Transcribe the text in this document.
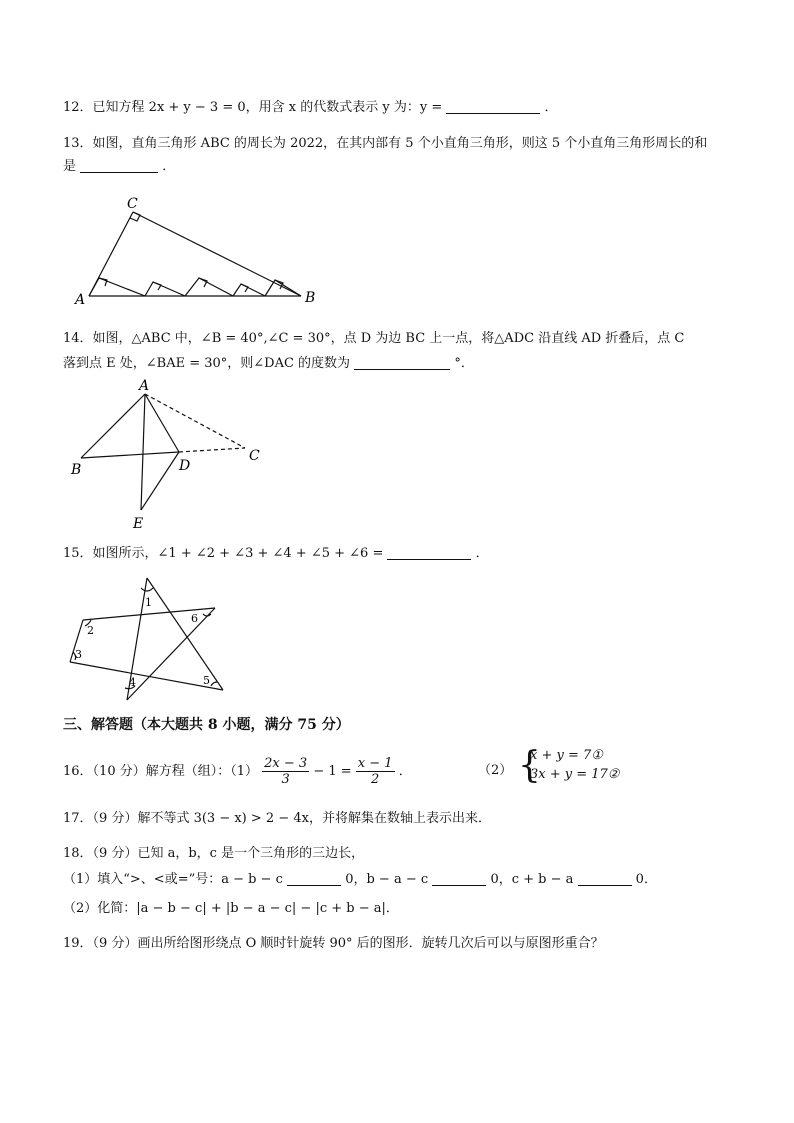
12．已知方程 2x + y − 3 = 0，用含 x 的代数式表示 y 为：y =	．
13．如图，直角三角形 ABC 的周长为 2022，在其内部有 5 个小直角三角形，则这 5 个小直角三角形周长的和
是	．
C
A	B
14．如图，△ABC 中，∠B = 40°,∠C = 30°，点 D 为边 BC 上一点，将△ADC 沿直线 AD 折叠后，点 C
落到点 E 处，∠BAE = 30°，则∠DAC 的度数为	°．
A
B
C
D
E
15．如图所示，∠1 + ∠2 + ∠3 + ∠4 + ∠5 + ∠6 =	．
1
2
3
4	5
6
三、解答题（本大题共 8 小题，满分 75 分）
16．（10 分）解方程（组）：$(1) \frac{2x - 3}{3} - 1 = \frac{x - 1}{2}$ ．	（2） {
x + y = 7①
3x + y = 17②
17．（9 分）解不等式 3(3 − x) > 2 − 4x，并将解集在数轴上表示出来．
18．（9 分）已知 a，b，c 是一个三角形的三边长，
（1）填入“>、<或=”号：a − b − c	0，b − a − c	0，c + b − a	0．
（2）化简：|a − b − c| + |b − a − c| − |c + b − a|．
19．（9 分）画出所给图形绕点 O 顺时针旋转 90° 后的图形．旋转几次后可以与原图形重合？
